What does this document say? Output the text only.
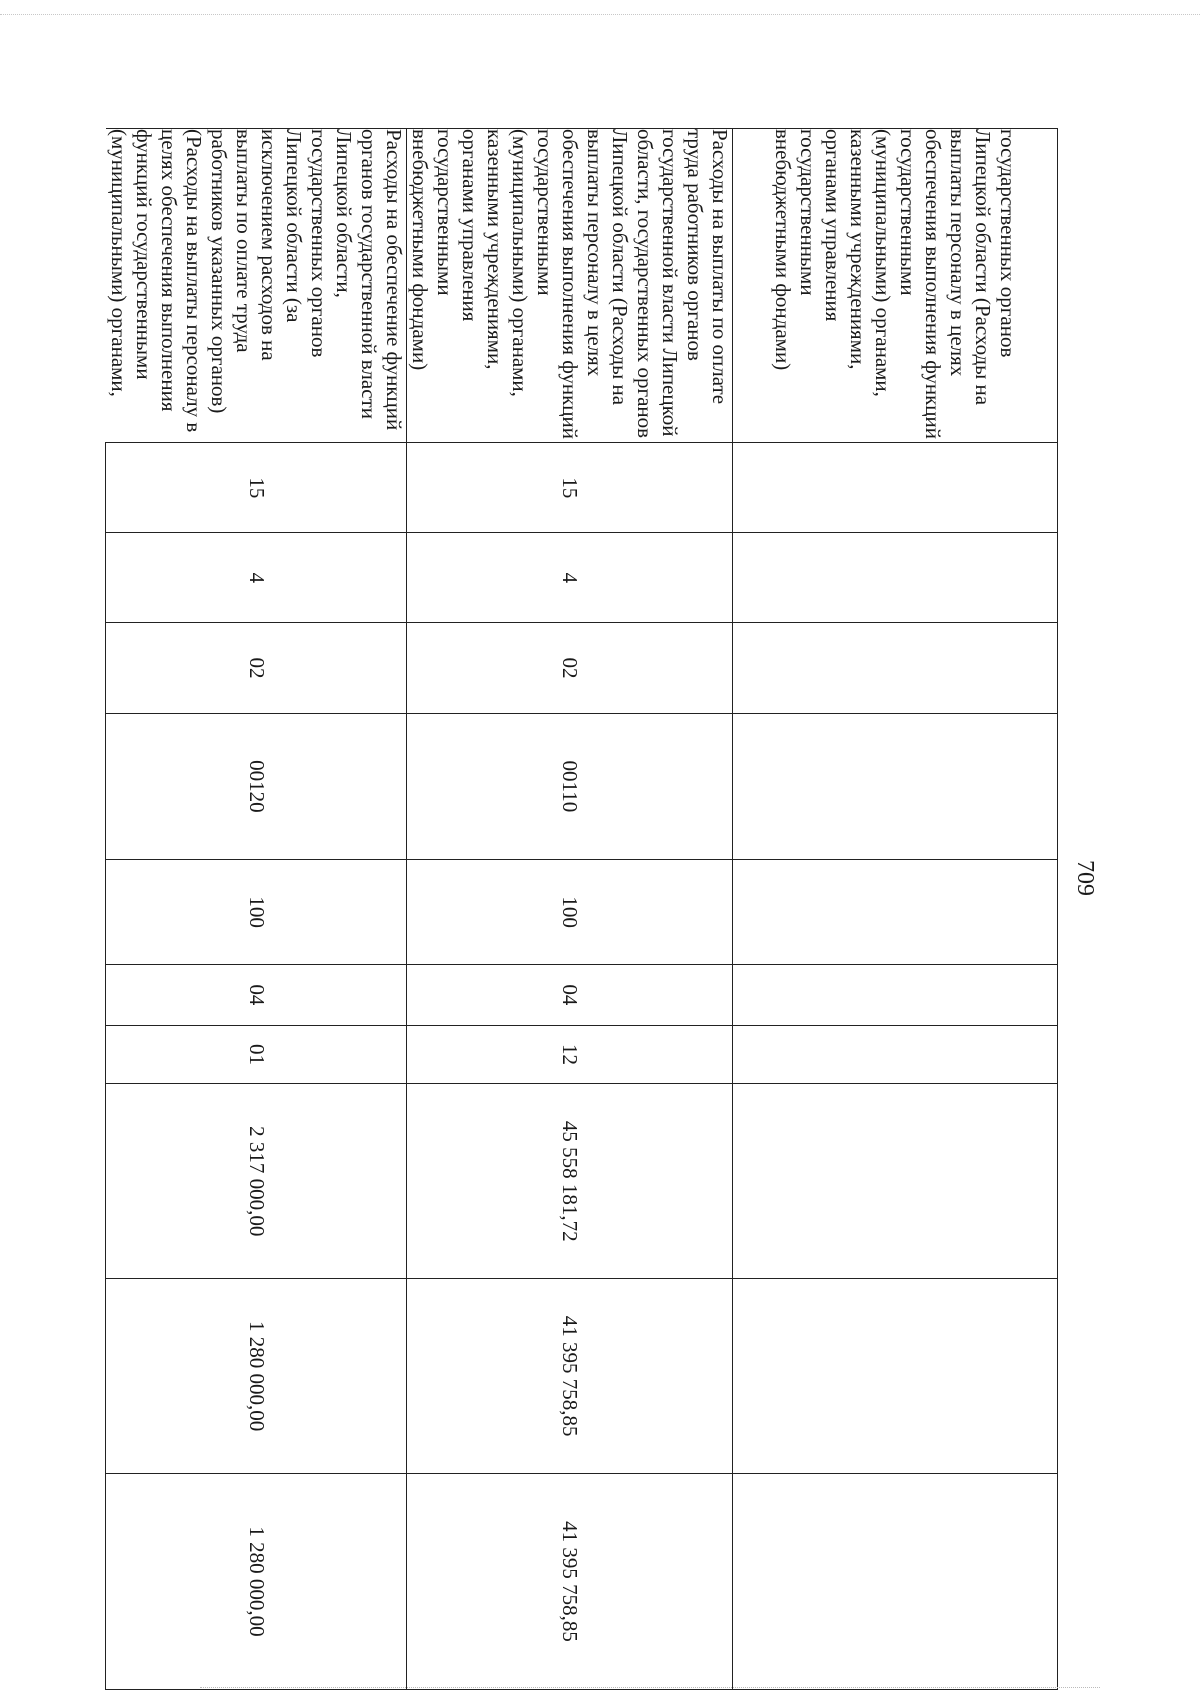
709
государственных органов Липецкой области (Расходы на выплаты персоналу в целях обеспечения выполнения функций государственными (муниципальными) органами, казенными учреждениями, органами управления государственными внебюджетными фондами)										
Расходы на выплаты по оплате труда работников органов государственной власти Липецкой области, государственных органов Липецкой области (Расходы на выплаты персоналу в целях обеспечения выполнения функций государственными (муниципальными) органами, казенными учреждениями, органами управления государственными внебюджетными фондами)	15	4	02	00110	100	04	12	45 558 181,72	41 395 758,85	41 395 758,85
Расходы на обеспечение функций органов государственной власти Липецкой области, государственных органов Липецкой области (за исключением расходов на выплаты по оплате труда работников указанных органов) (Расходы на выплаты персоналу в целях обеспечения выполнения функций государственными (муниципальными) органами,	15	4	02	00120	100	04	01	2 317 000,00	1 280 000,00	1 280 000,00
